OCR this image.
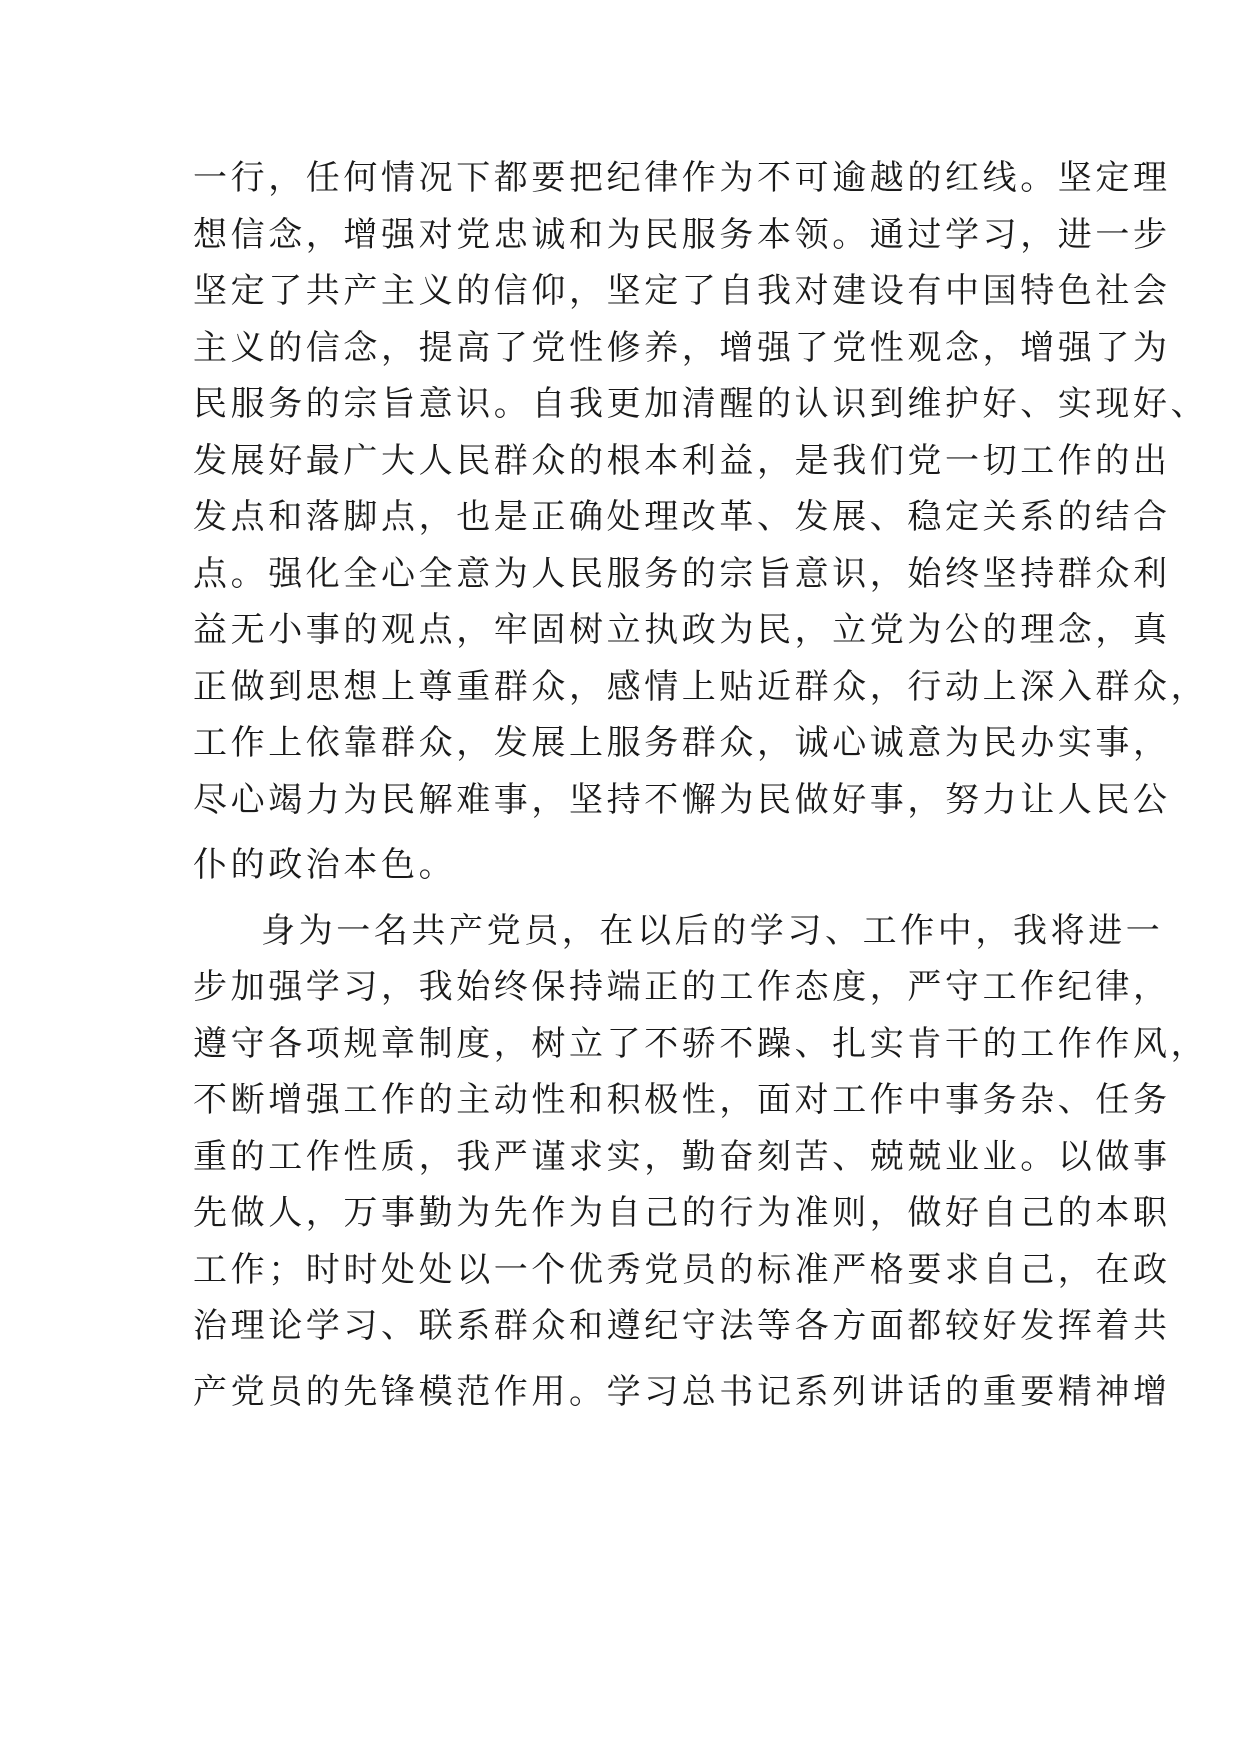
一行，任何情况下都要把纪律作为不可逾越的红线。坚定理
想信念，增强对党忠诚和为民服务本领。通过学习，进一步
坚定了共产主义的信仰，坚定了自我对建设有中国特色社会
主义的信念，提高了党性修养，增强了党性观念，增强了为
民服务的宗旨意识。自我更加清醒的认识到维护好、实现好、
发展好最广大人民群众的根本利益，是我们党一切工作的出
发点和落脚点，也是正确处理改革、发展、稳定关系的结合
点。强化全心全意为人民服务的宗旨意识，始终坚持群众利
益无小事的观点，牢固树立执政为民，立党为公的理念，真
正做到思想上尊重群众，感情上贴近群众，行动上深入群众，
工作上依靠群众，发展上服务群众，诚心诚意为民办实事，
尽心竭力为民解难事，坚持不懈为民做好事，努力让人民公
仆的政治本色。
身为一名共产党员，在以后的学习、工作中，我将进一
步加强学习，我始终保持端正的工作态度，严守工作纪律，
遵守各项规章制度，树立了不骄不躁、扎实肯干的工作作风，
不断增强工作的主动性和积极性，面对工作中事务杂、任务
重的工作性质，我严谨求实，勤奋刻苦、兢兢业业。以做事
先做人，万事勤为先作为自己的行为准则，做好自己的本职
工作；时时处处以一个优秀党员的标准严格要求自己，在政
治理论学习、联系群众和遵纪守法等各方面都较好发挥着共
产党员的先锋模范作用。学习总书记系列讲话的重要精神增
